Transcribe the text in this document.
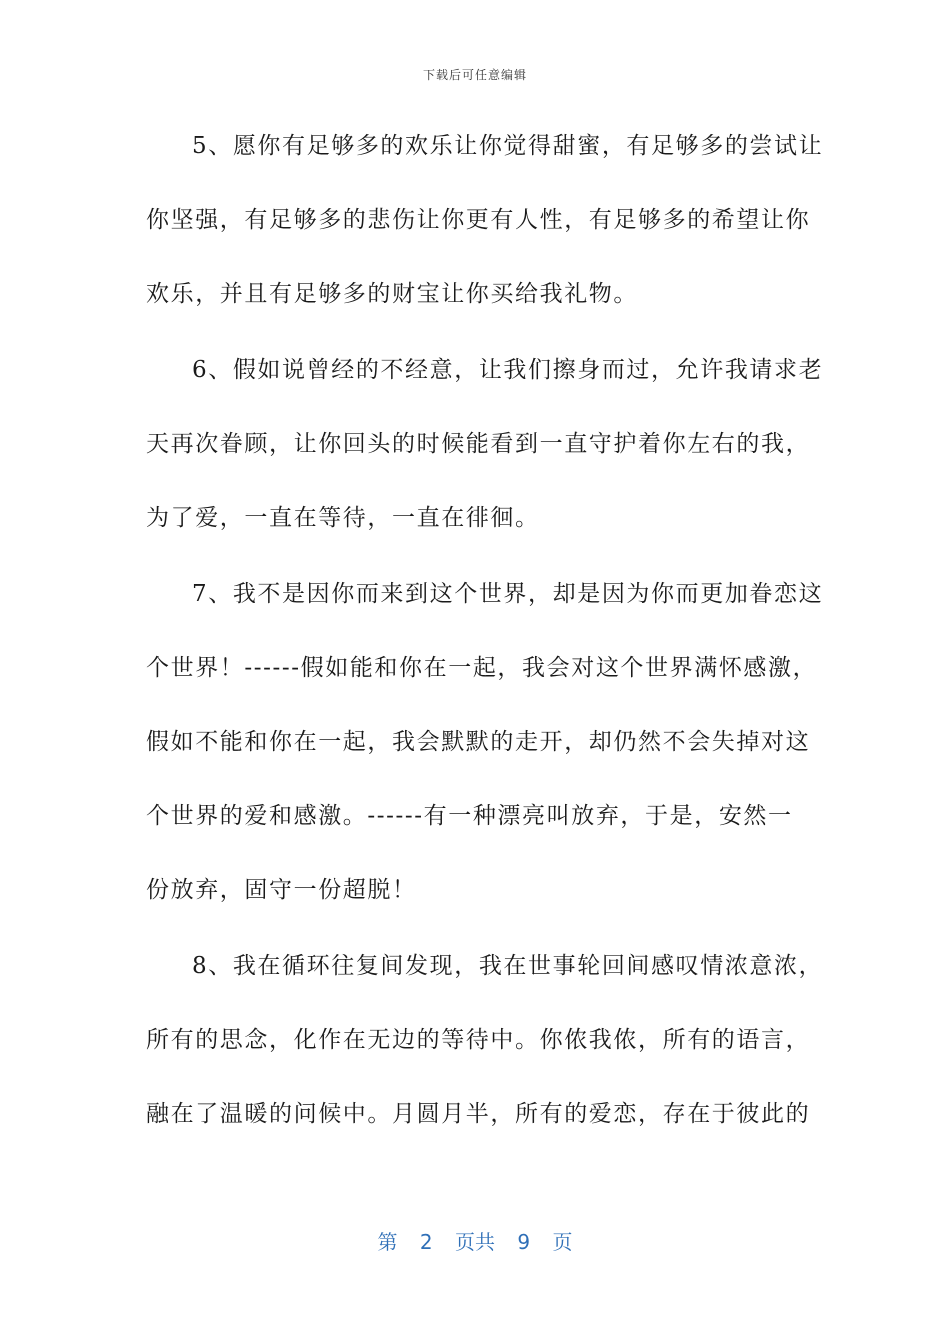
下载后可任意编辑
5、愿你有足够多的欢乐让你觉得甜蜜，有足够多的尝试让
你坚强，有足够多的悲伤让你更有人性，有足够多的希望让你
欢乐，并且有足够多的财宝让你买给我礼物。
6、假如说曾经的不经意，让我们擦身而过，允许我请求老
天再次眷顾，让你回头的时候能看到一直守护着你左右的我，
为了爱，一直在等待，一直在徘徊。
7、我不是因你而来到这个世界，却是因为你而更加眷恋这
个世界！------假如能和你在一起，我会对这个世界满怀感激，
假如不能和你在一起，我会默默的走开，却仍然不会失掉对这
个世界的爱和感激。------有一种漂亮叫放弃，于是，安然一
份放弃，固守一份超脱！
8、我在循环往复间发现，我在世事轮回间感叹情浓意浓，
所有的思念，化作在无边的等待中。你侬我侬，所有的语言，
融在了温暖的问候中。月圆月半，所有的爱恋，存在于彼此的
第 2 页共 9 页
